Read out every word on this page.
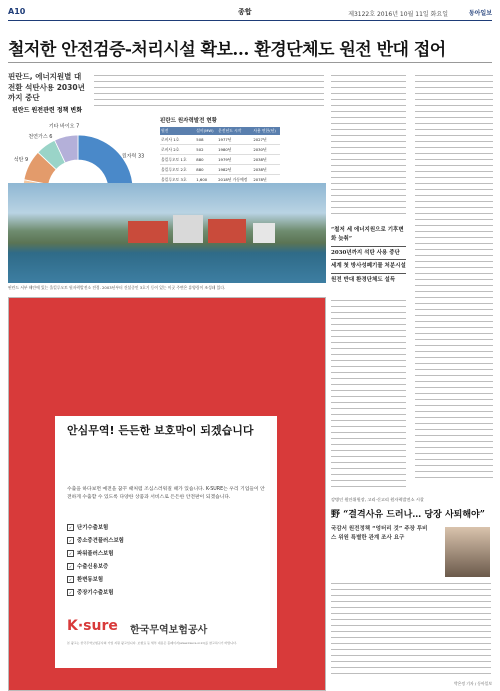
A10	종합	제3122호 2016년 10월 11일 화요일	동아일보
철저한 안전검증-처리시설 확보… 환경단체도 원전 반대 접어
핀란드, 에너지원별 대전환 석탄사용 2030년까지 중단
원자력 33
석탄 9
천연가스 6
기타 바이오 7
핀란드 원전관련 정책 변화
핀란드 원자력발전 현황
원전	설비(MW)	운전년도 시작	사용 연한(년)
로비사 1호	508	1977년	2027년
로비사 2호	502	1980년	2030년
올킬루오토 1호	880	1979년	2038년
올킬루오토 2호	880	1982년	2038년
올킬루오토 3호	1,600	2018년 가동예정	2078년

“철저 세 에너지원으로 기후변화 늦춰”
2030년까지 석탄 사용 중단
세계 첫 방사성폐기물 처분시설
원전 반대 환경단체도 설득
핀란드 서부 해안에 있는 올킬루오토 원자력발전소 전경. 2003년부터 건설중인 3호기 등이 있는 이곳 주변은 휴양림이 조성돼 있다.
안심무역! 든든한 보호막이 되겠습니다
수출을 하다보면 예전을 꿈꾸 때처럼 조심스러워질 때가 있습니다. K-SURE는 우리 기업들이 안전하게 수출할 수 있도록 다양한 상품과 서비스로 든든한 안전판이 되겠습니다.
✓ 단기수출보험
✓ 중소중견플러스보험
✓ 파워플러스보험
✓ 수출신용보증
✓ 환변동보험
✓ 중장기수출보험
K·sure 한국무역보험공사
본 광고는 한국무역보험공사의 기업 지원 광고입니다. 보험료 등 세부 내용은 홈페이지(www.ksure.or.kr)를 참고하시기 바랍니다.
강병인 원안위원장, 고리·신고리 원자력발전소 시찰
野 “결격사유 드러나… 당장 사퇴해야”
국감서 원전정책 “엉터리 것” 주장 투비스 위원 특별한 관계 조사 요구
박은정 기자 / 동아일보
